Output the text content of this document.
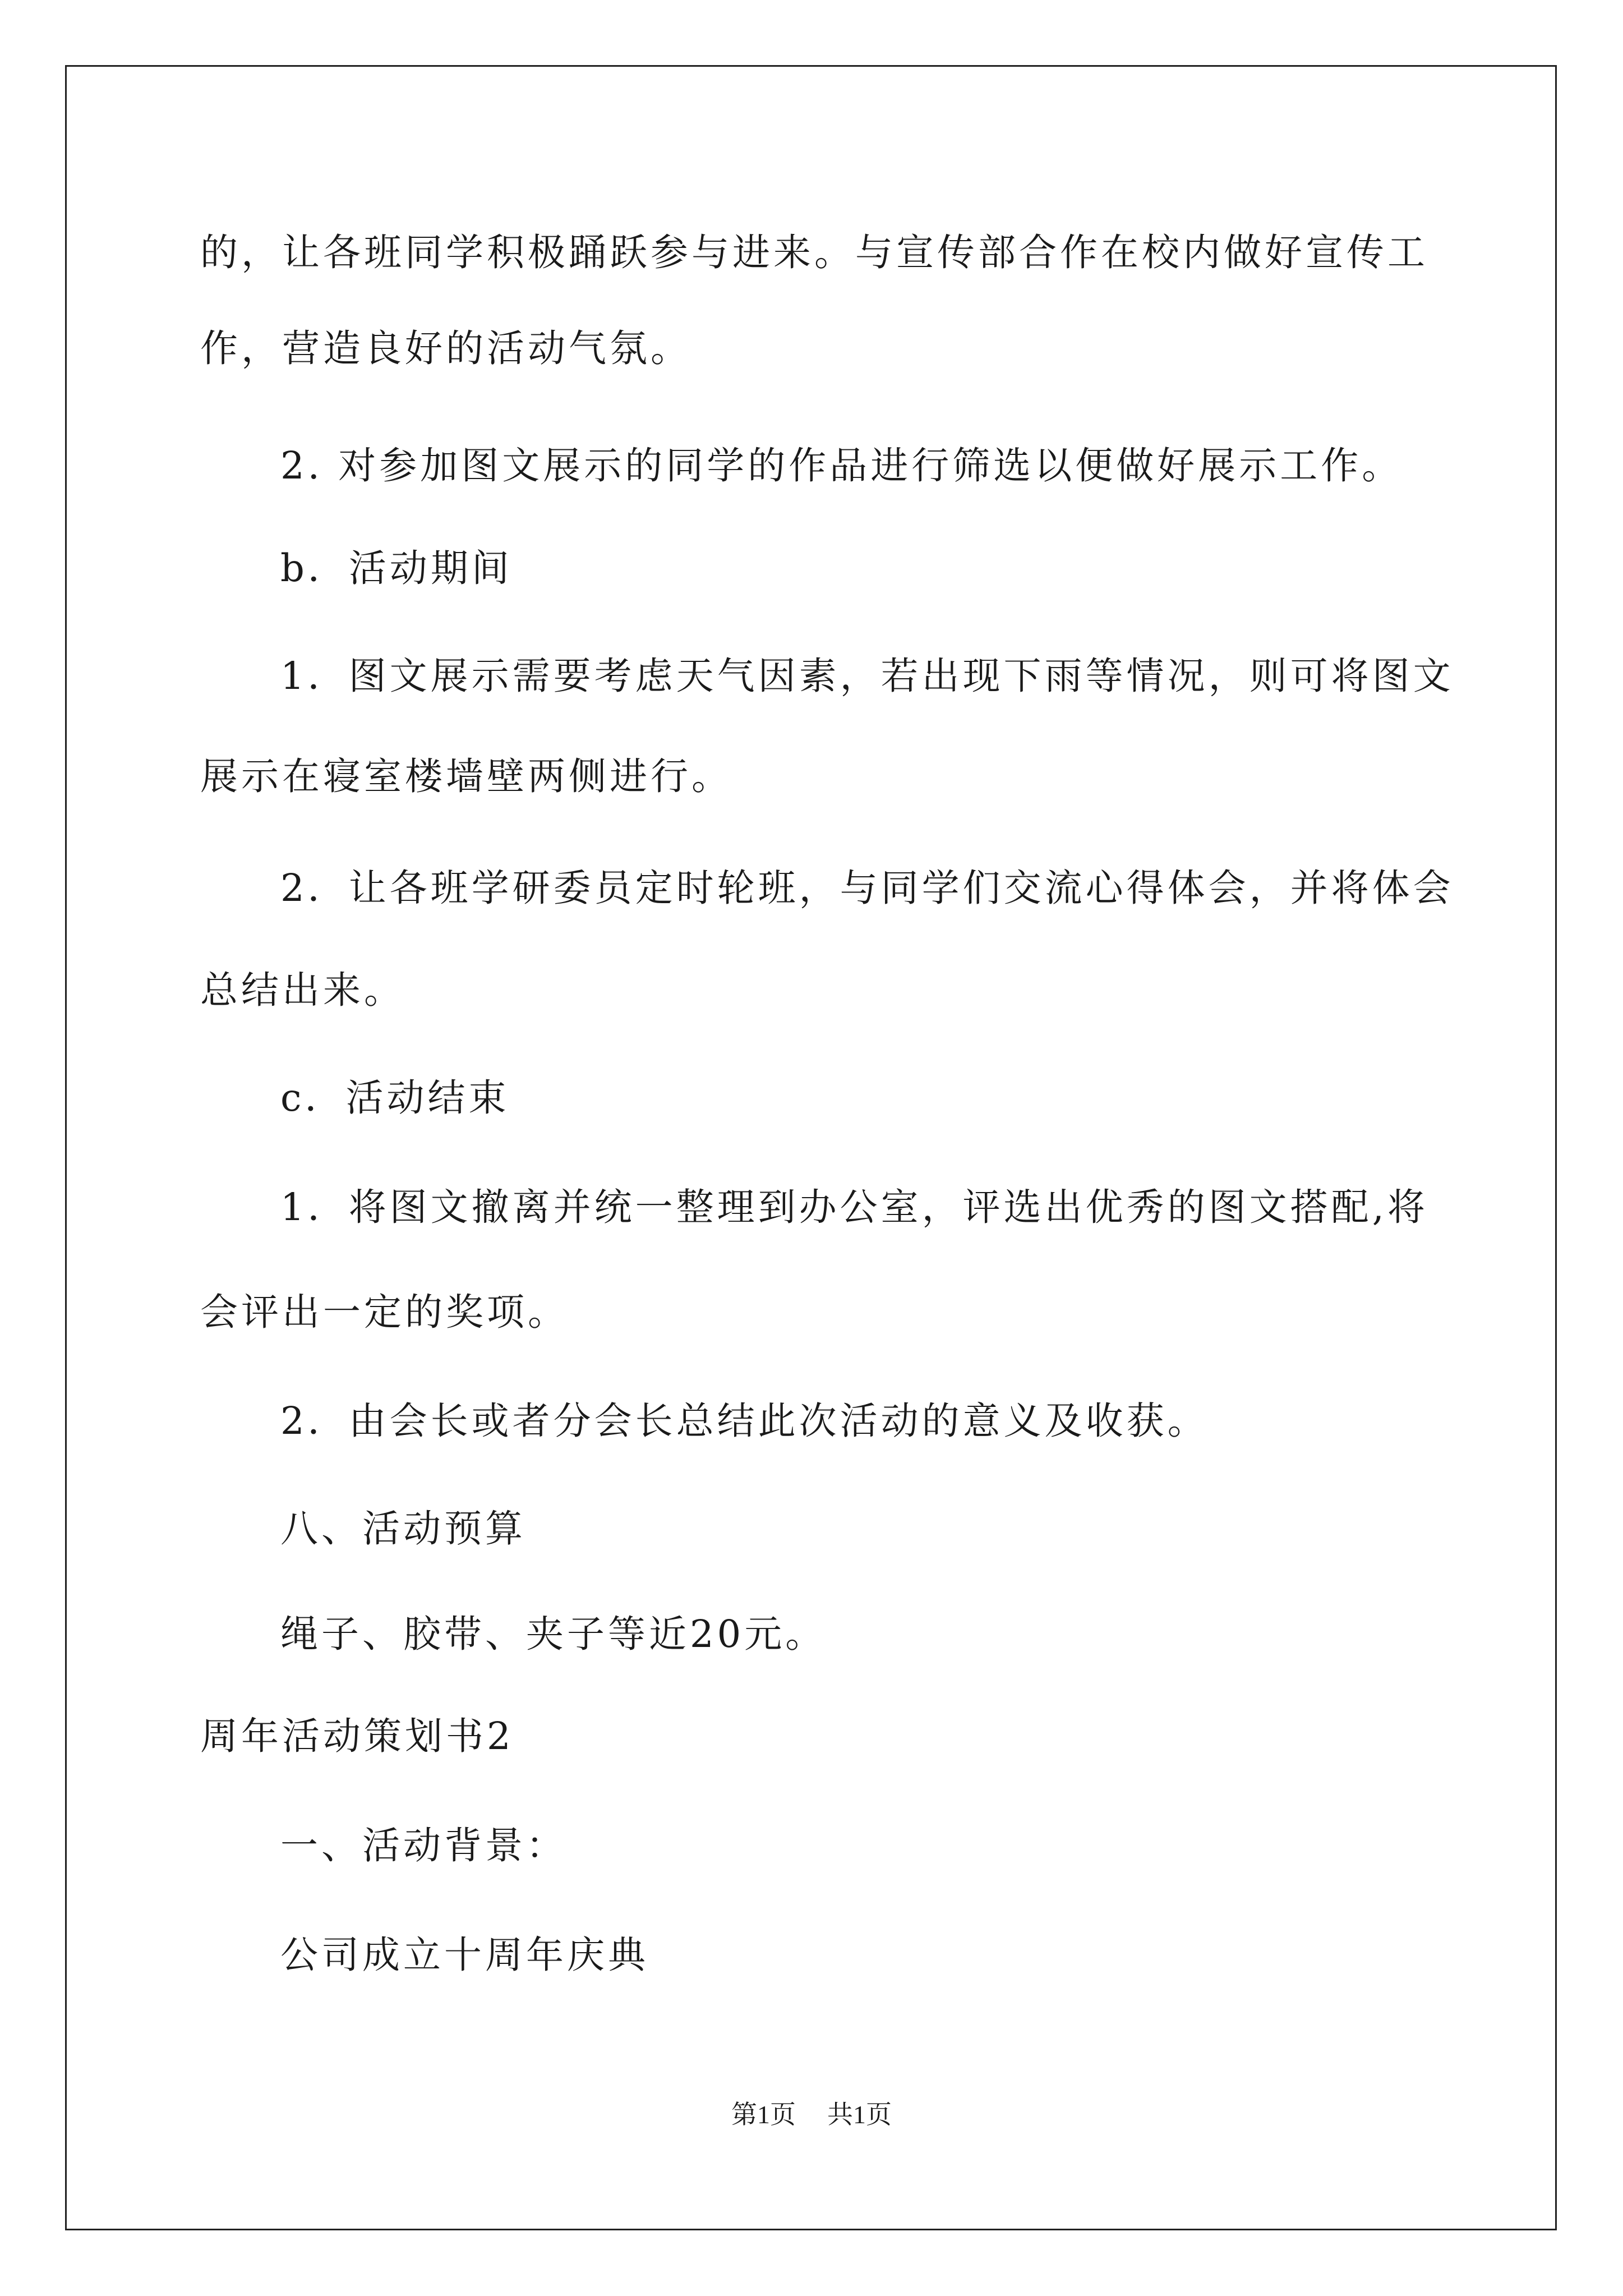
的，让各班同学积极踊跃参与进来。与宣传部合作在校内做好宣传工
作，营造良好的活动气氛。
2. 对参加图文展示的同学的作品进行筛选以便做好展示工作。
b．活动期间
1．图文展示需要考虑天气因素，若出现下雨等情况，则可将图文
展示在寝室楼墙壁两侧进行。
2．让各班学研委员定时轮班，与同学们交流心得体会，并将体会
总结出来。
c．活动结束
1．将图文撤离并统一整理到办公室，评选出优秀的图文搭配,将
会评出一定的奖项。
2．由会长或者分会长总结此次活动的意义及收获。
八、活动预算
绳子、胶带、夹子等近20元。
周年活动策划书2
一、活动背景：
公司成立十周年庆典
第1页 共1页
